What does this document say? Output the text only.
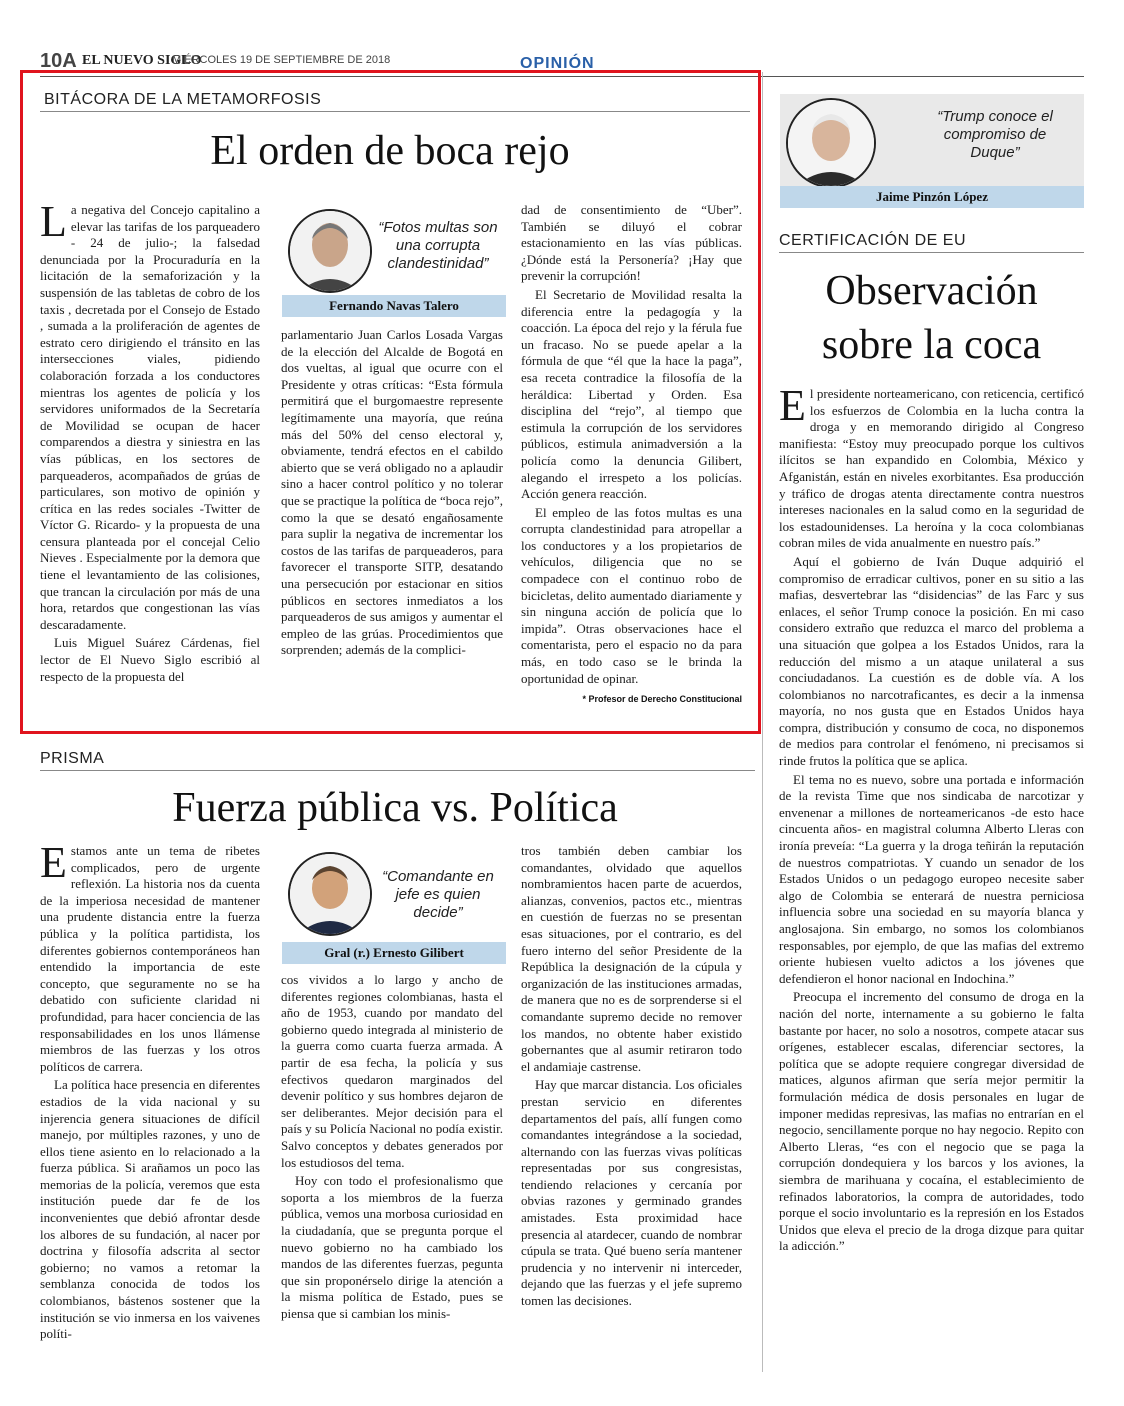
10A EL NUEVO SIGLO
MIÉRCOLES 19 DE SEPTIEMBRE DE 2018	OPINIÓN
BITÁCORA DE LA METAMORFOSIS
El orden de boca rejo

La negativa del Concejo capitalino a elevar las tarifas de los parqueadero - 24 de julio-; la falsedad denunciada por la Procuraduría en la licitación de la semaforización y la suspensión de las tabletas de cobro de los taxis , decretada por el Consejo de Estado , sumada a la proliferación de agentes de estrato cero dirigiendo el tránsito en las intersecciones viales, pidiendo colaboración forzada a los conductores mientras los agentes de policía y los servidores uniformados de la Secretaría de Movilidad se ocupan de hacer comparendos a diestra y siniestra en las vías públicas, en los sectores de parqueaderos, acompañados de grúas de particulares, son motivo de opinión y crítica en las redes sociales -Twitter de Víctor G. Ricardo- y la propuesta de una censura planteada por el concejal Celio Nieves . Especialmente por la demora que tiene el levantamiento de las colisiones, que trancan la circulación por más de una hora, retardos que congestionan las vías descaradamente.

Luis Miguel Suárez Cárdenas, fiel lector de El Nuevo Siglo escribió al respecto de la propuesta del

“Fotos multas son una corrupta clandestinidad”
Fernando Navas Talero

parlamentario Juan Carlos Losada Vargas de la elección del Alcalde de Bogotá en dos vueltas, al igual que ocurre con el Presidente y otras críticas: “Esta fórmula permitirá que el burgomaestre represente legítimamente una mayoría, que reúna más del 50% del censo electoral y, obviamente, tendrá efectos en el cabildo abierto que se verá obligado no a aplaudir sino a hacer control político y no tolerar que se practique la política de “boca rejo”, como la que se desató engañosamente para suplir la negativa de incrementar los costos de las tarifas de parqueaderos, para favorecer el transporte SITP, desatando una persecución por estacionar en sitios públicos en sectores inmediatos a los parqueaderos de sus amigos y aumentar el empleo de las grúas. Procedimientos que sorprenden; además de la complici-

dad de consentimiento de “Uber”. También se diluyó el cobrar estacionamiento en las vías públicas. ¿Dónde está la Personería? ¡Hay que prevenir la corrupción!

El Secretario de Movilidad resalta la diferencia entre la pedagogía y la coacción. La época del rejo y la férula fue un fracaso. No se puede apelar a la fórmula de que “él que la hace la paga”, esa receta contradice la filosofía de la heráldica: Libertad y Orden. Esa disciplina del “rejo”, al tiempo que estimula la corrupción de los servidores públicos, estimula animadversión a la policía como la denuncia Gilibert, alegando el irrespeto a los policías. Acción genera reacción.

El empleo de las fotos multas es una corrupta clandestinidad para atropellar a los conductores y a los propietarios de vehículos, diligencia que no se compadece con el continuo robo de bicicletas, delito aumentado diariamente y sin ninguna acción de policía que lo impida”. Otras observaciones hace el comentarista, pero el espacio no da para más, en todo caso se le brinda la oportunidad de opinar.

* Profesor de Derecho Constitucional
PRISMA
Fuerza pública vs. Política

Estamos ante un tema de ribetes complicados, pero de urgente reflexión. La historia nos da cuenta de la imperiosa necesidad de mantener una prudente distancia entre la fuerza pública y la política partidista, los diferentes gobiernos contemporáneos han entendido la importancia de este concepto, que seguramente no se ha debatido con suficiente claridad ni profundidad, para hacer conciencia de las responsabilidades en los unos llámense miembros de las fuerzas y los otros políticos de carrera.

La política hace presencia en diferentes estadios de la vida nacional y su injerencia genera situaciones de difícil manejo, por múltiples razones, y uno de ellos tiene asiento en lo relacionado a la fuerza pública. Si arañamos un poco las memorias de la policía, veremos que esta institución puede dar fe de los inconvenientes que debió afrontar desde los albores de su fundación, al nacer por doctrina y filosofía adscrita al sector gobierno; no vamos a retomar la semblanza conocida de todos los colombianos, bástenos sostener que la institución se vio inmersa en los vaivenes políti-

“Comandante en jefe es quien decide”
Gral (r.) Ernesto Gilibert

cos vividos a lo largo y ancho de diferentes regiones colombianas, hasta el año de 1953, cuando por mandato del gobierno quedo integrada al ministerio de la guerra como cuarta fuerza armada. A partir de esa fecha, la policía y sus efectivos quedaron marginados del devenir político y sus hombres dejaron de ser deliberantes. Mejor decisión para el país y su Policía Nacional no podía existir. Salvo conceptos y debates generados por los estudiosos del tema.

Hoy con todo el profesionalismo que soporta a los miembros de la fuerza pública, vemos una morbosa curiosidad en la ciudadanía, que se pregunta porque el nuevo gobierno no ha cambiado los mandos de las diferentes fuerzas, pegunta que sin proponérselo dirige la atención a la misma política de Estado, pues se piensa que si cambian los minis-

tros también deben cambiar los comandantes, olvidado que aquellos nombramientos hacen parte de acuerdos, alianzas, convenios, pactos etc., mientras en cuestión de fuerzas no se presentan esas situaciones, por el contrario, es del fuero interno del señor Presidente de la República la designación de la cúpula y organización de las instituciones armadas, de manera que no es de sorprenderse si el comandante supremo decide no remover los mandos, no obtente haber existido gobernantes que al asumir retiraron todo el andamiaje castrense.

Hay que marcar distancia. Los oficiales prestan servicio en diferentes departamentos del país, allí fungen como comandantes integrándose a la sociedad, alternando con las fuerzas vivas políticas representadas por sus congresistas, tendiendo relaciones y cercanía por obvias razones y germinado grandes amistades. Esta proximidad hace presencia al atardecer, cuando de nombrar cúpula se trata. Qué bueno sería mantener prudencia y no intervenir ni interceder, dejando que las fuerzas y el jefe supremo tomen las decisiones.

“Trump conoce el compromiso de Duque”
Jaime Pinzón López
CERTIFICACIÓN DE EU
Observación
sobre la coca

El presidente norteamericano, con reticencia, certificó los esfuerzos de Colombia en la lucha contra la droga y en memorando dirigido al Congreso manifiesta: “Estoy muy preocupado porque los cultivos ilícitos se han expandido en Colombia, México y Afganistán, están en niveles exorbitantes. Esa producción y tráfico de drogas atenta directamente contra nuestros intereses nacionales en la salud como en la seguridad de los estadounidenses. La heroína y la coca colombianas cobran miles de vida anualmente en nuestro país.”

Aquí el gobierno de Iván Duque adquirió el compromiso de erradicar cultivos, poner en su sitio a las mafias, desvertebrar las “disidencias” de las Farc y sus enlaces, el señor Trump conoce la posición. En mi caso considero extraño que reduzca el marco del problema a una situación que golpea a los Estados Unidos, rara la reducción del mismo a un ataque unilateral a sus conciudadanos. La cuestión es de doble vía. A los colombianos no narcotraficantes, es decir a la inmensa mayoría, no nos gusta que en Estados Unidos haya compra, distribución y consumo de coca, no disponemos de medios para controlar el fenómeno, ni precisamos si rinde frutos la política que se aplica.

El tema no es nuevo, sobre una portada e información de la revista Time que nos sindicaba de narcotizar y envenenar a millones de norteamericanos -de esto hace cincuenta años- en magistral columna Alberto Lleras con ironía preveía: “La guerra y la droga teñirán la reputación de nuestros compatriotas. Y cuando un senador de los Estados Unidos o un pedagogo europeo necesite saber algo de Colombia se enterará de nuestra perniciosa influencia sobre una sociedad en su mayoría blanca y anglosajona. Sin embargo, no somos los colombianos responsables, por ejemplo, de que las mafias del extremo oriente hubiesen vuelto adictos a los jóvenes que defendieron el honor nacional en Indochina.”

Preocupa el incremento del consumo de droga en la nación del norte, internamente a su gobierno le falta bastante por hacer, no solo a nosotros, compete atacar sus orígenes, establecer escalas, diferenciar sectores, la política que se adopte requiere congregar diversidad de matices, algunos afirman que sería mejor permitir la formulación médica de dosis personales en lugar de imponer medidas represivas, las mafias no entrarían en el negocio, sencillamente porque no hay negocio. Repito con Alberto Lleras, “es con el negocio que se paga la corrupción dondequiera y los barcos y los aviones, la siembra de marihuana y cocaína, el establecimiento de refinados laboratorios, la compra de autoridades, todo porque el socio involuntario es la represión en los Estados Unidos que eleva el precio de la droga dizque para quitar la adicción.”
